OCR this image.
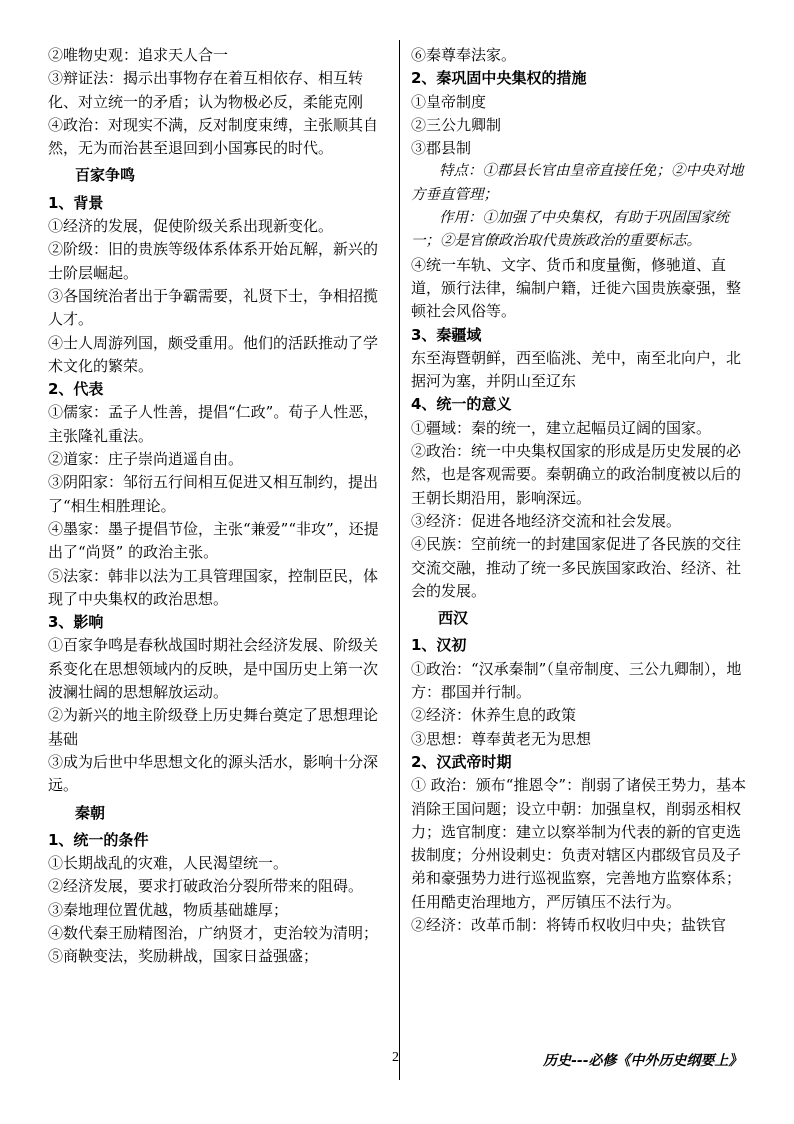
②唯物史观：追求天人合一

③辩证法：揭示出事物存在着互相依存、相互转化、对立统一的矛盾；认为物极必反，柔能克刚

④政治：对现实不满，反对制度束缚，主张顺其自然，无为而治甚至退回到小国寡民的时代。

百家争鸣

1、背景

①经济的发展，促使阶级关系出现新变化。

②阶级：旧的贵族等级体系体系开始瓦解，新兴的士阶层崛起。

③各国统治者出于争霸需要，礼贤下士，争相招揽人才。

④士人周游列国，颇受重用。他们的活跃推动了学术文化的繁荣。

2、代表

①儒家：孟子人性善，提倡“仁政”。荀子人性恶，主张隆礼重法。

②道家：庄子崇尚逍遥自由。

③阴阳家：邹衍五行间相互促进又相互制约，提出了“相生相胜理论。

④墨家：墨子提倡节俭，主张“兼爱”“非攻”，还提出了“尚贤” 的政治主张。

⑤法家：韩非以法为工具管理国家，控制臣民，体现了中央集权的政治思想。

3、影响

①百家争鸣是春秋战国时期社会经济发展、阶级关系变化在思想领域内的反映，是中国历史上第一次波澜壮阔的思想解放运动。

②为新兴的地主阶级登上历史舞台奠定了思想理论基础

③成为后世中华思想文化的源头活水，影响十分深远。

秦朝

1、统一的条件

①长期战乱的灾难，人民渴望统一。

②经济发展，要求打破政治分裂所带来的阻碍。

③秦地理位置优越，物质基础雄厚；

④数代秦王励精图治，广纳贤才，吏治较为清明；

⑤商鞅变法，奖励耕战，国家日益强盛；

⑥秦尊奉法家。

2、秦巩固中央集权的措施

①皇帝制度

②三公九卿制

③郡县制

特点：①郡县长官由皇帝直接任免；②中央对地方垂直管理；

作用：①加强了中央集权，有助于巩固国家统一；②是官僚政治取代贵族政治的重要标志。

④统一车轨、文字、货币和度量衡，修驰道、直道，颁行法律，编制户籍，迁徙六国贵族豪强，整顿社会风俗等。

3、秦疆域

东至海暨朝鲜，西至临洮、羌中，南至北向户，北据河为塞，并阴山至辽东

4、统一的意义

①疆域：秦的统一，建立起幅员辽阔的国家。

②政治：统一中央集权国家的形成是历史发展的必然，也是客观需要。秦朝确立的政治制度被以后的王朝长期沿用，影响深远。

③经济：促进各地经济交流和社会发展。

④民族：空前统一的封建国家促进了各民族的交往交流交融，推动了统一多民族国家政治、经济、社会的发展。

西汉

1、汉初

①政治：“汉承秦制”（皇帝制度、三公九卿制），地方：郡国并行制。

②经济：休养生息的政策

③思想：尊奉黄老无为思想

2、汉武帝时期

① 政治：颁布“推恩令”：削弱了诸侯王势力，基本消除王国问题；设立中朝：加强皇权，削弱丞相权力；选官制度：建立以察举制为代表的新的官吏选拔制度；分州设刺史：负责对辖区内郡级官员及子弟和豪强势力进行巡视监察，完善地方监察体系；任用酷吏治理地方，严厉镇压不法行为。

②经济：改革币制：将铸币权收归中央；盐铁官

2	历史---必修《中外历史纲要上》
